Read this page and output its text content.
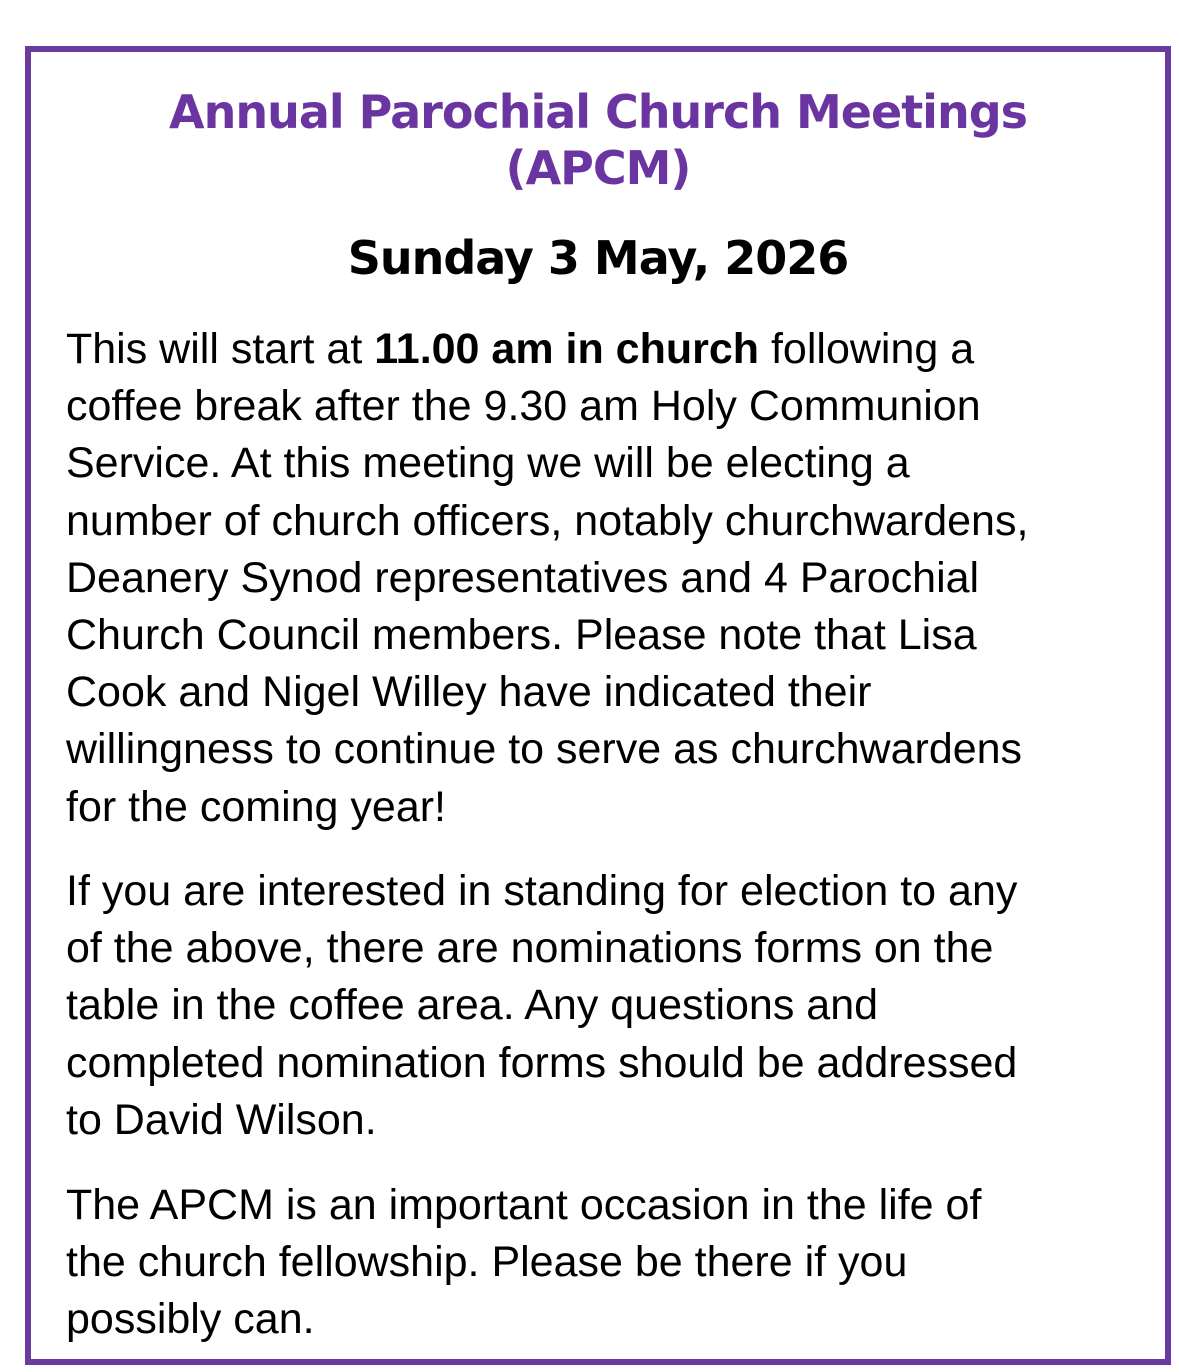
Annual Parochial Church Meetings
(APCM)
Sunday 3 May, 2026

This will start at 11.00 am in church following a
coffee break after the 9.30 am Holy Communion
Service. At this meeting we will be electing a
number of church officers, notably churchwardens,
Deanery Synod representatives and 4 Parochial
Church Council members. Please note that Lisa
Cook and Nigel Willey have indicated their
willingness to continue to serve as churchwardens
for the coming year!

If you are interested in standing for election to any
of the above, there are nominations forms on the
table in the coffee area. Any questions and
completed nomination forms should be addressed
to David Wilson.

The APCM is an important occasion in the life of
the church fellowship. Please be there if you
possibly can.
